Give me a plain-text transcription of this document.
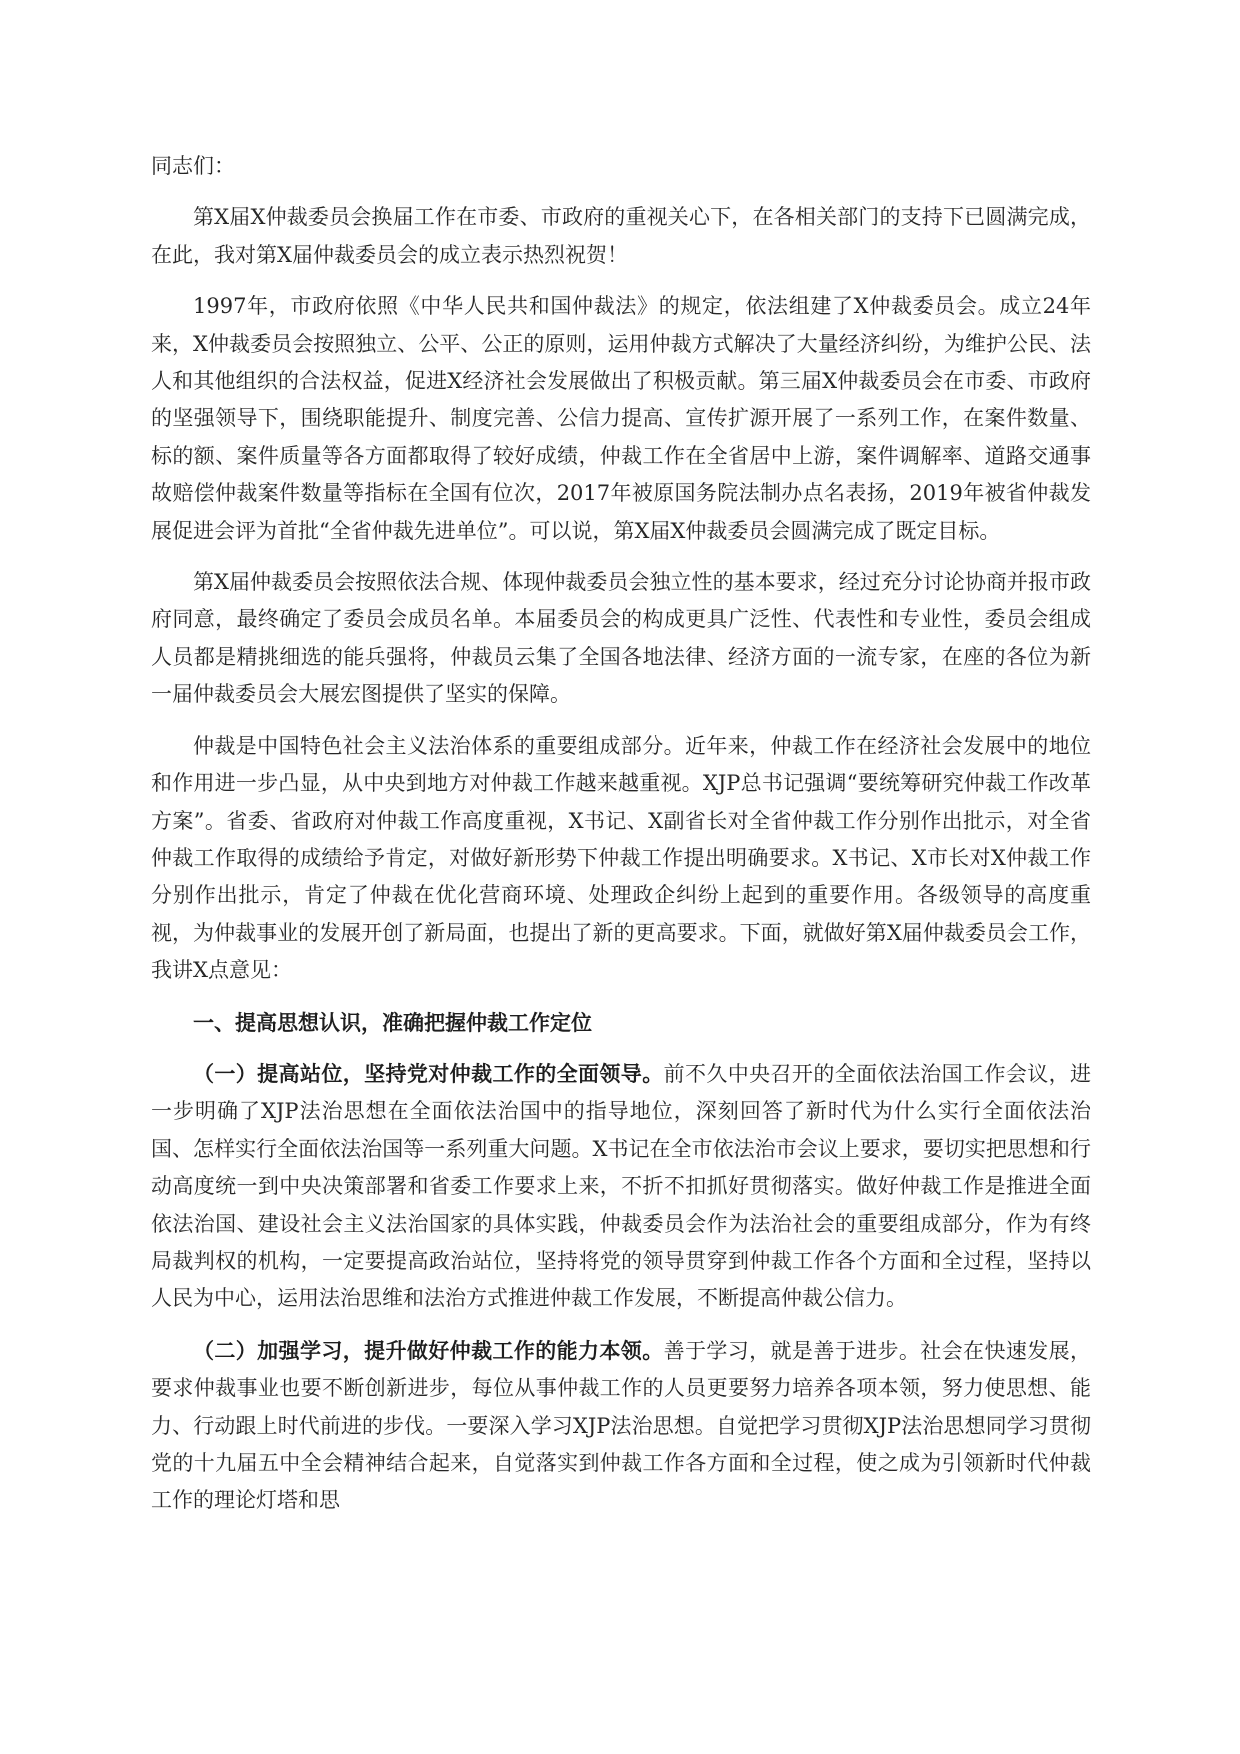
同志们：

第X届X仲裁委员会换届工作在市委、市政府的重视关心下，在各相关部门的支持下已圆满完成，在此，我对第X届仲裁委员会的成立表示热烈祝贺！

1997年，市政府依照《中华人民共和国仲裁法》的规定，依法组建了X仲裁委员会。成立24年来，X仲裁委员会按照独立、公平、公正的原则，运用仲裁方式解决了大量经济纠纷，为维护公民、法人和其他组织的合法权益，促进X经济社会发展做出了积极贡献。第三届X仲裁委员会在市委、市政府的坚强领导下，围绕职能提升、制度完善、公信力提高、宣传扩源开展了一系列工作，在案件数量、标的额、案件质量等各方面都取得了较好成绩，仲裁工作在全省居中上游，案件调解率、道路交通事故赔偿仲裁案件数量等指标在全国有位次，2017年被原国务院法制办点名表扬，2019年被省仲裁发展促进会评为首批“全省仲裁先进单位”。可以说，第X届X仲裁委员会圆满完成了既定目标。

第X届仲裁委员会按照依法合规、体现仲裁委员会独立性的基本要求，经过充分讨论协商并报市政府同意，最终确定了委员会成员名单。本届委员会的构成更具广泛性、代表性和专业性，委员会组成人员都是精挑细选的能兵强将，仲裁员云集了全国各地法律、经济方面的一流专家，在座的各位为新一届仲裁委员会大展宏图提供了坚实的保障。

仲裁是中国特色社会主义法治体系的重要组成部分。近年来，仲裁工作在经济社会发展中的地位和作用进一步凸显，从中央到地方对仲裁工作越来越重视。XJP总书记强调“要统筹研究仲裁工作改革方案”。省委、省政府对仲裁工作高度重视，X书记、X副省长对全省仲裁工作分别作出批示，对全省仲裁工作取得的成绩给予肯定，对做好新形势下仲裁工作提出明确要求。X书记、X市长对X仲裁工作分别作出批示，肯定了仲裁在优化营商环境、处理政企纠纷上起到的重要作用。各级领导的高度重视，为仲裁事业的发展开创了新局面，也提出了新的更高要求。下面，就做好第X届仲裁委员会工作，我讲X点意见：

一、提高思想认识，准确把握仲裁工作定位

（一）提高站位，坚持党对仲裁工作的全面领导。前不久中央召开的全面依法治国工作会议，进一步明确了XJP法治思想在全面依法治国中的指导地位，深刻回答了新时代为什么实行全面依法治国、怎样实行全面依法治国等一系列重大问题。X书记在全市依法治市会议上要求，要切实把思想和行动高度统一到中央决策部署和省委工作要求上来，不折不扣抓好贯彻落实。做好仲裁工作是推进全面依法治国、建设社会主义法治国家的具体实践，仲裁委员会作为法治社会的重要组成部分，作为有终局裁判权的机构，一定要提高政治站位，坚持将党的领导贯穿到仲裁工作各个方面和全过程，坚持以人民为中心，运用法治思维和法治方式推进仲裁工作发展，不断提高仲裁公信力。

（二）加强学习，提升做好仲裁工作的能力本领。善于学习，就是善于进步。社会在快速发展，要求仲裁事业也要不断创新进步，每位从事仲裁工作的人员更要努力培养各项本领，努力使思想、能力、行动跟上时代前进的步伐。一要深入学习XJP法治思想。自觉把学习贯彻XJP法治思想同学习贯彻党的十九届五中全会精神结合起来，自觉落实到仲裁工作各方面和全过程，使之成为引领新时代仲裁工作的理论灯塔和思
